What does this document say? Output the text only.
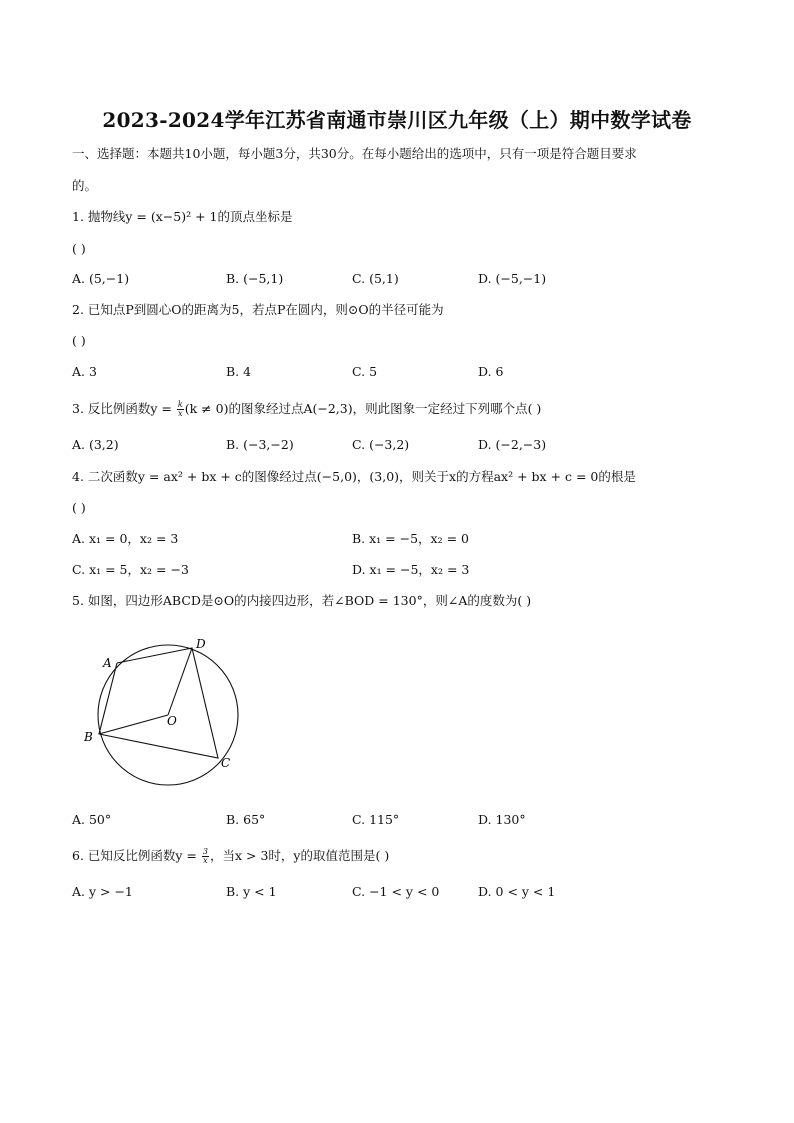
2023-2024学年江苏省南通市崇川区九年级（上）期中数学试卷
一、选择题：本题共10小题，每小题3分，共30分。在每小题给出的选项中，只有一项是符合题目要求
的。
1. 抛物线y = (x−5)² + 1的顶点坐标是
( )
A. (5,−1)	B. (−5,1)	C. (5,1)	D. (−5,−1)
2. 已知点P到圆心O的距离为5，若点P在圆内，则⊙O的半径可能为
( )
A. 3	B. 4	C. 5	D. 6
3. 反比例函数$y = \frac{k}{x} (k \ne 0)$的图象经过点A(−2,3)，则此图象一定经过下列哪个点( )
A. (3,2)	B. (−3,−2)	C. (−3,2)	D. (−2,−3)
4. 二次函数y = ax² + bx + c的图像经过点(−5,0)，(3,0)，则关于x的方程ax² + bx + c = 0的根是
( )
A. x₁ = 0，x₂ = 3	B. x₁ = −5，x₂ = 0
C. x₁ = 5，x₂ = −3	D. x₁ = −5，x₂ = 3
5. 如图，四边形ABCD是⊙O的内接四边形，若∠BOD = 130°，则∠A的度数为( )
A
D
O
B
C
A. 50°	B. 65°	C. 115°	D. 130°
6. 已知反比例函数$y = \frac{3}{x}$ ，当x > 3时，y的取值范围是( )
A. y > −1	B. y < 1	C. −1 < y < 0	D. 0 < y < 1
